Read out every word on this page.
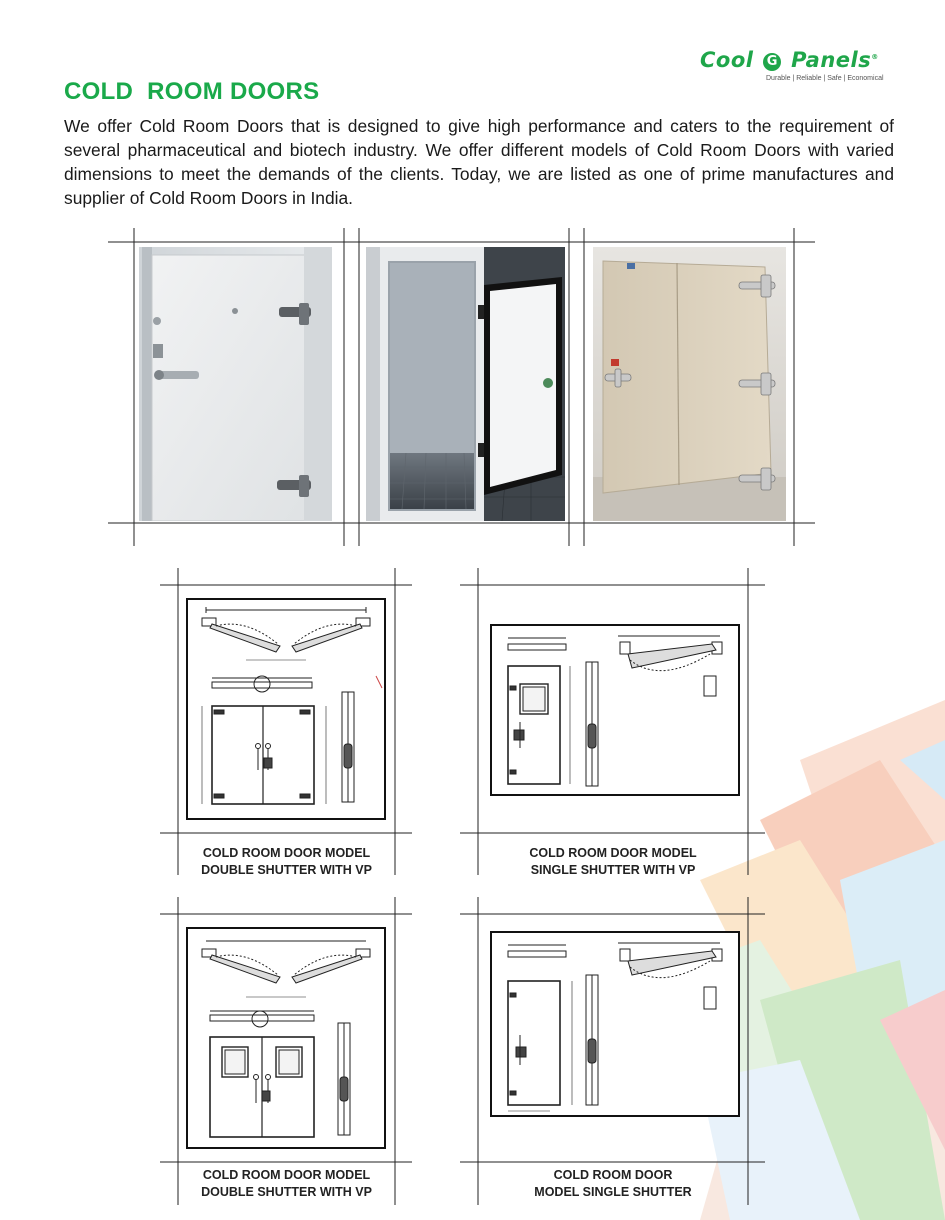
Cool G Panels®
Durable | Reliable | Safe | Economical
COLD  ROOM DOORS
We offer Cold Room Doors that is designed to give high performance and caters to the requirement of several pharmaceutical and biotech industry. We offer different models of Cold Room Doors with varied dimensions to meet the demands of the clients. Today, we are listed as one of prime manufactures and supplier of Cold Room Doors in India.
COLD ROOM DOOR MODEL
DOUBLE SHUTTER WITH VP
COLD ROOM DOOR MODEL
SINGLE SHUTTER WITH VP
COLD ROOM DOOR MODEL
DOUBLE SHUTTER WITH VP
COLD ROOM DOOR
MODEL SINGLE SHUTTER
